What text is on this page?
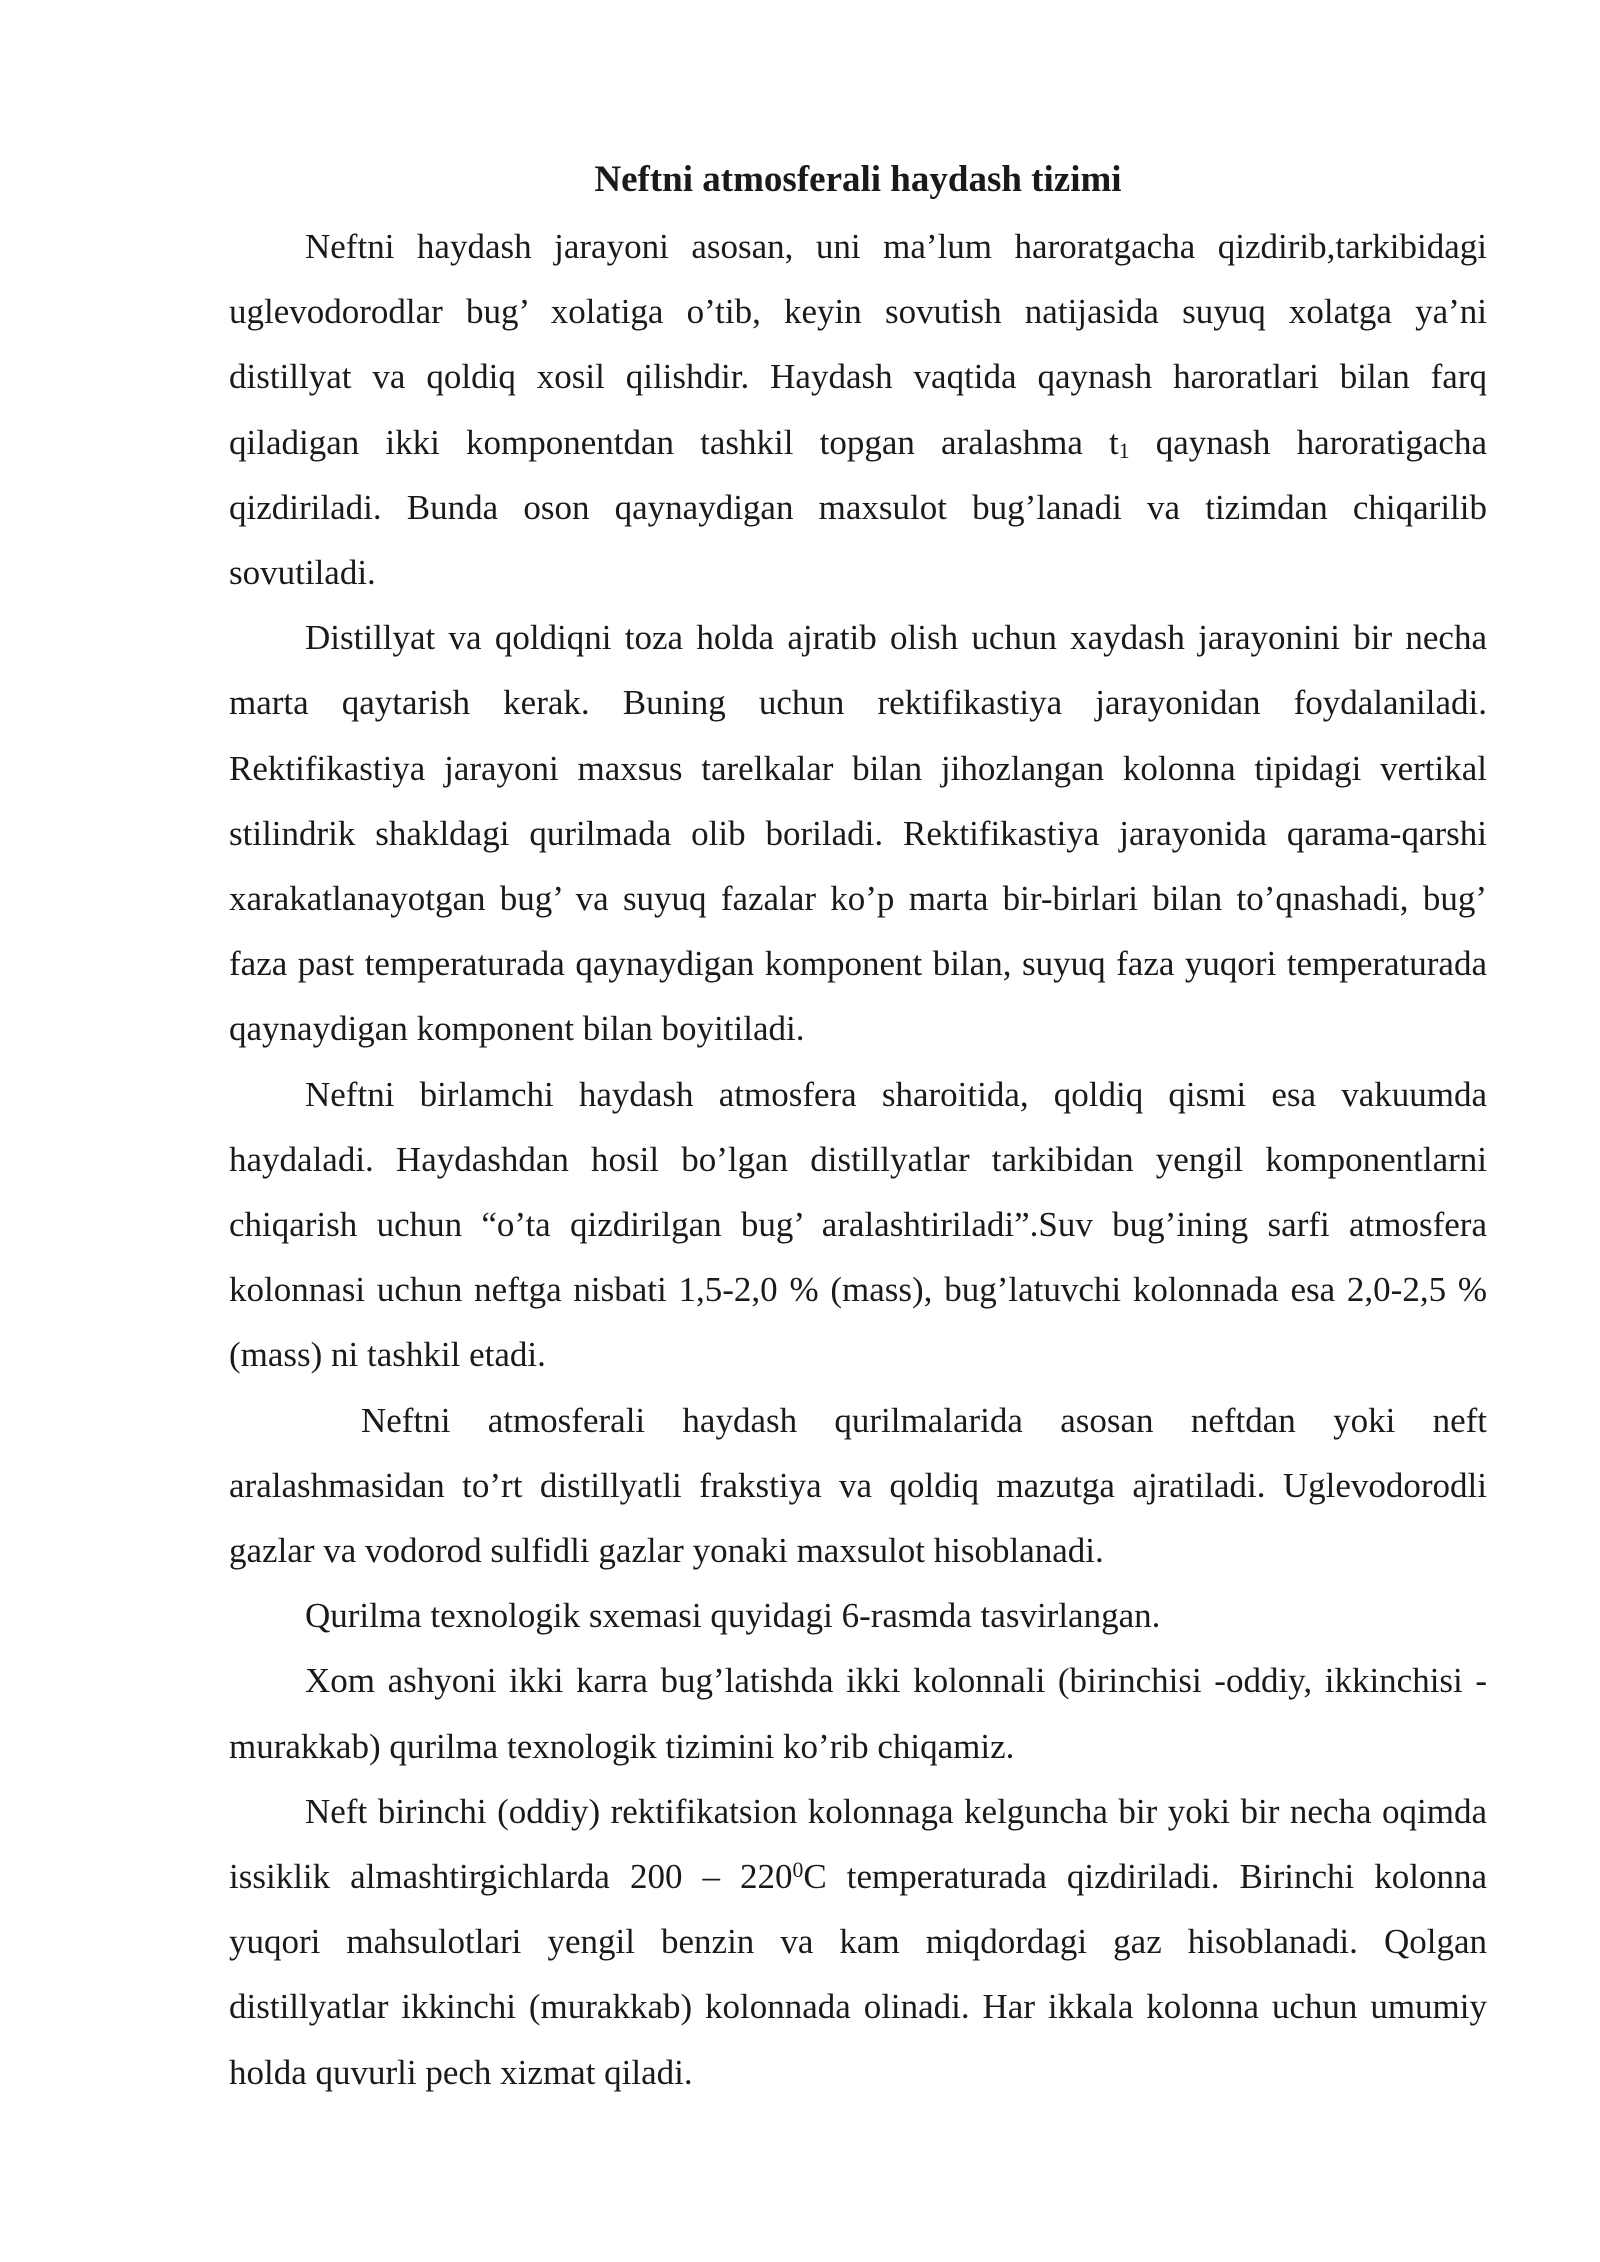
Neftni atmosferali haydash tizimi

Neftni haydash jarayoni asosan, uni ma’lum haroratgacha qizdirib,tarkibidagi uglevodorodlar bug’ xolatiga o’tib, keyin sovutish natijasida suyuq xolatga ya’ni distillyat va qoldiq xosil qilishdir. Haydash vaqtida qaynash haroratlari bilan farq qiladigan ikki komponentdan tashkil topgan aralashma t1 qaynash haroratigacha qizdiriladi. Bunda oson qaynaydigan maxsulot bug’lanadi va tizimdan chiqarilib sovutiladi.

Distillyat va qoldiqni toza holda ajratib olish uchun xaydash jarayonini bir necha marta qaytarish kerak. Buning uchun rektifikastiya jarayonidan foydalaniladi. Rektifikastiya jarayoni maxsus tarelkalar bilan jihozlangan kolonna tipidagi vertikal stilindrik shakldagi qurilmada olib boriladi. Rektifikastiya jarayonida qarama-qarshi xarakatlanayotgan bug’ va suyuq fazalar ko’p marta bir-birlari bilan to’qnashadi, bug’ faza past temperaturada qaynaydigan komponent bilan, suyuq faza yuqori temperaturada qaynaydigan komponent bilan boyitiladi.

Neftni birlamchi haydash atmosfera sharoitida, qoldiq qismi esa vakuumda haydaladi. Haydashdan hosil bo’lgan distillyatlar tarkibidan yengil komponentlarni chiqarish uchun “o’ta qizdirilgan bug’ aralashtiriladi”.Suv bug’ining sarfi atmosfera kolonnasi uchun neftga nisbati 1,5-2,0 % (mass), bug’latuvchi kolonnada esa 2,0-2,5 % (mass) ni tashkil etadi.

Neftni atmosferali haydash qurilmalarida asosan neftdan yoki neft aralashmasidan to’rt distillyatli frakstiya va qoldiq mazutga ajratiladi. Uglevodorodli gazlar va vodorod sulfidli gazlar yonaki maxsulot hisoblanadi.

Qurilma texnologik sxemasi quyidagi 6-rasmda tasvirlangan.

Xom ashyoni ikki karra bug’latishda ikki kolonnali (birinchisi -oddiy, ikkinchisi - murakkab) qurilma texnologik tizimini ko’rib chiqamiz.

Neft birinchi (oddiy) rektifikatsion kolonnaga kelguncha bir yoki bir necha oqimda issiklik almashtirgichlarda $200 - 220^0C$ temperaturada qizdiriladi. Birinchi kolonna yuqori mahsulotlari yengil benzin va kam miqdordagi gaz hisoblanadi. Qolgan distillyatlar ikkinchi (murakkab) kolonnada olinadi. Har ikkala kolonna uchun umumiy holda quvurli pech xizmat qiladi.
